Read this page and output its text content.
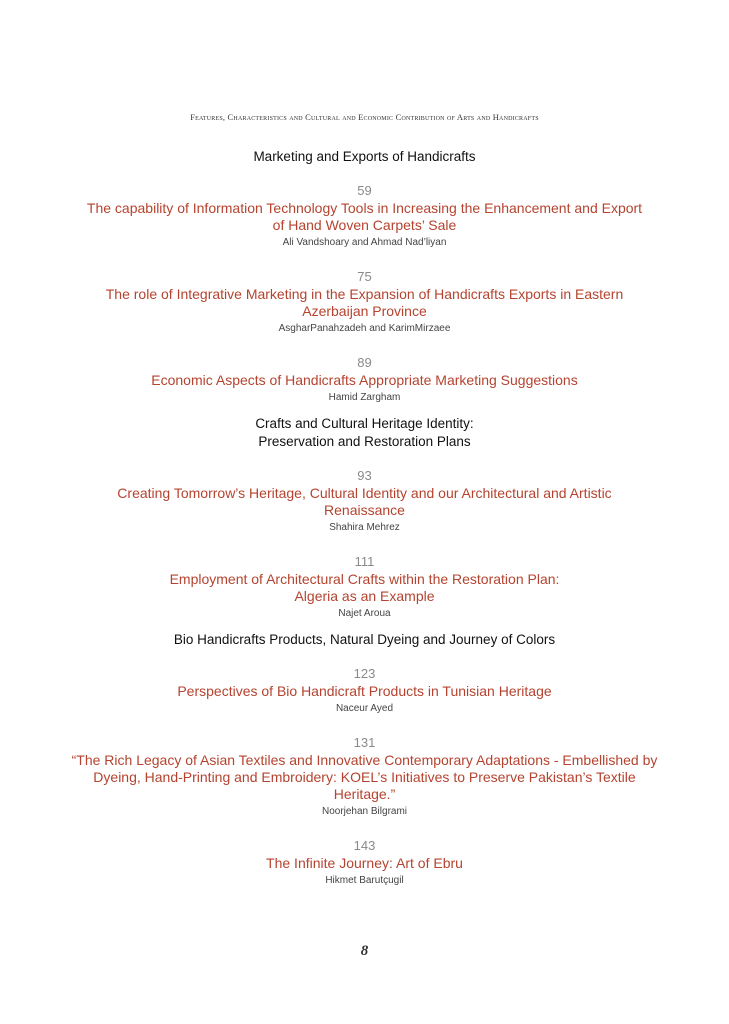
Features, Characteristics and Cultural and Economic Contribution of Arts and Handicrafts
Marketing and Exports of Handicrafts
59
The capability of Information Technology Tools in Increasing the Enhancement and Export of Hand Woven Carpets’ Sale
Ali Vandshoary and Ahmad Nad’liyan
75
The role of Integrative Marketing in the Expansion of Handicrafts Exports in Eastern Azerbaijan Province
AsgharPanahzadeh and KarimMirzaee
89
Economic Aspects of Handicrafts Appropriate Marketing Suggestions
Hamid Zargham
Crafts and Cultural Heritage Identity:
Preservation and Restoration Plans
93
Creating Tomorrow’s Heritage, Cultural Identity and our Architectural and Artistic Renaissance
Shahira Mehrez
111
Employment of Architectural Crafts within the Restoration Plan:
Algeria as an Example
Najet Aroua
Bio Handicrafts Products, Natural Dyeing and Journey of Colors
123
Perspectives of Bio Handicraft Products in Tunisian Heritage
Naceur Ayed
131
“The Rich Legacy of Asian Textiles and Innovative Contemporary Adaptations - Embellished by Dyeing, Hand-Printing and Embroidery: KOEL’s Initiatives to Preserve Pakistan’s Textile Heritage.”
Noorjehan Bilgrami
143
The Infinite Journey: Art of Ebru
Hikmet Barutçugil
8
